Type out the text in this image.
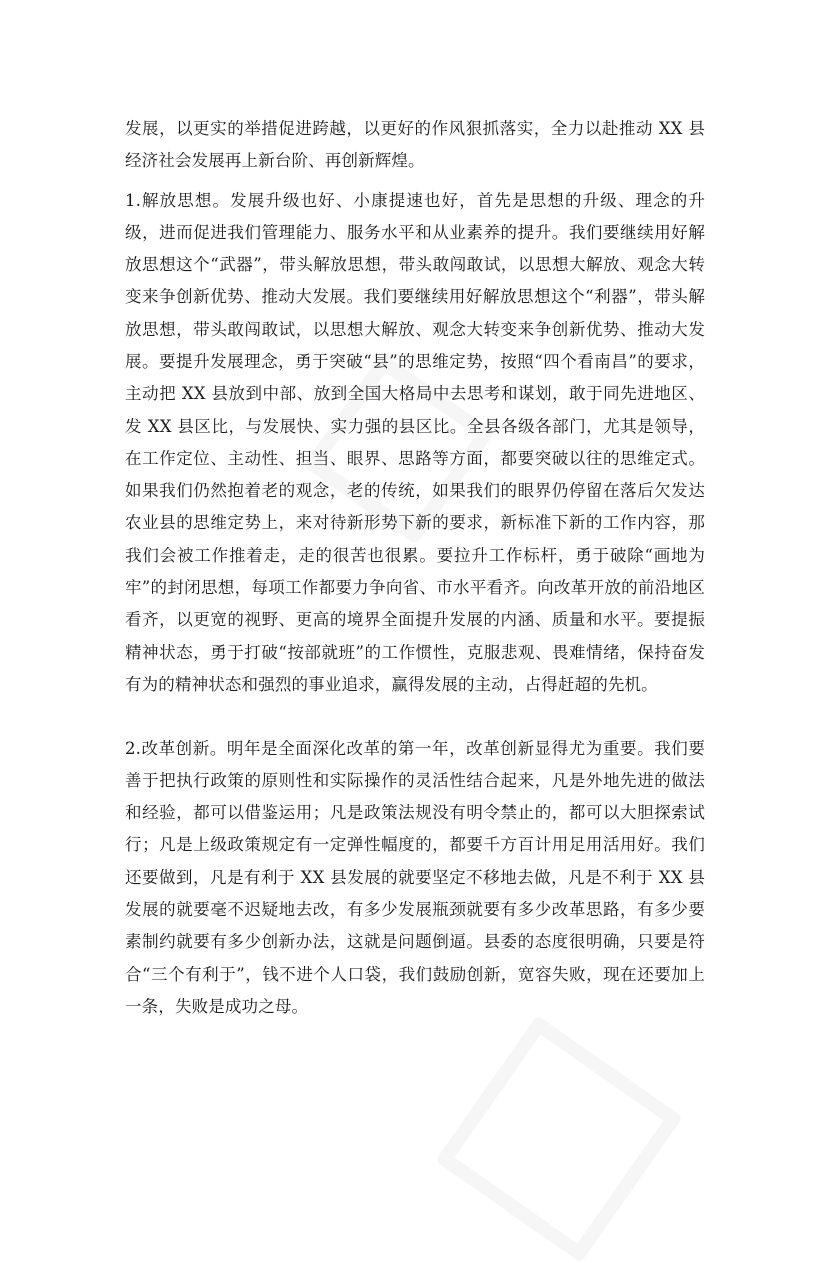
发展，以更实的举措促进跨越，以更好的作风狠抓落实，全力以赴推动 XX 县经济社会发展再上新台阶、再创新辉煌。

1.解放思想。发展升级也好、小康提速也好，首先是思想的升级、理念的升级，进而促进我们管理能力、服务水平和从业素养的提升。我们要继续用好解放思想这个“武器”，带头解放思想，带头敢闯敢试，以思想大解放、观念大转变来争创新优势、推动大发展。我们要继续用好解放思想这个“利器”，带头解放思想，带头敢闯敢试，以思想大解放、观念大转变来争创新优势、推动大发展。要提升发展理念，勇于突破“县”的思维定势，按照“四个看南昌”的要求，主动把 XX 县放到中部、放到全国大格局中去思考和谋划，敢于同先进地区、发 XX 县区比，与发展快、实力强的县区比。全县各级各部门，尤其是领导，在工作定位、主动性、担当、眼界、思路等方面，都要突破以往的思维定式。如果我们仍然抱着老的观念，老的传统，如果我们的眼界仍停留在落后欠发达农业县的思维定势上，来对待新形势下新的要求，新标准下新的工作内容，那我们会被工作推着走，走的很苦也很累。要拉升工作标杆，勇于破除“画地为牢”的封闭思想，每项工作都要力争向省、市水平看齐。向改革开放的前沿地区看齐，以更宽的视野、更高的境界全面提升发展的内涵、质量和水平。要提振精神状态，勇于打破“按部就班”的工作惯性，克服悲观、畏难情绪，保持奋发有为的精神状态和强烈的事业追求，赢得发展的主动，占得赶超的先机。

2.改革创新。明年是全面深化改革的第一年，改革创新显得尤为重要。我们要善于把执行政策的原则性和实际操作的灵活性结合起来，凡是外地先进的做法和经验，都可以借鉴运用；凡是政策法规没有明令禁止的，都可以大胆探索试行；凡是上级政策规定有一定弹性幅度的，都要千方百计用足用活用好。我们还要做到，凡是有利于 XX 县发展的就要坚定不移地去做，凡是不利于 XX 县发展的就要毫不迟疑地去改，有多少发展瓶颈就要有多少改革思路，有多少要素制约就要有多少创新办法，这就是问题倒逼。县委的态度很明确，只要是符合“三个有利于”，钱不进个人口袋，我们鼓励创新，宽容失败，现在还要加上一条，失败是成功之母。
